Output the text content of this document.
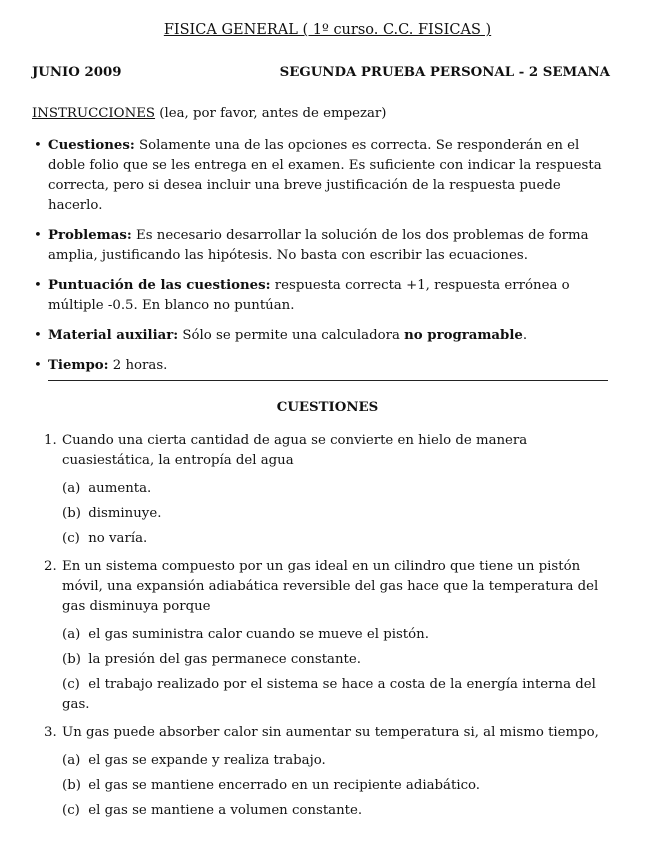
FISICA GENERAL ( 1º curso. C.C. FISICAS )
JUNIO 2009	SEGUNDA PRUEBA PERSONAL - 2 SEMANA
INSTRUCCIONES (lea, por favor, antes de empezar)
• Cuestiones: Solamente una de las opciones es correcta. Se responderán en el doble folio que se les entrega en el examen. Es suficiente con indicar la respuesta correcta, pero si desea incluir una breve justificación de la respuesta puede hacerlo.
• Problemas: Es necesario desarrollar la solución de los dos problemas de forma amplia, justificando las hipótesis. No basta con escribir las ecuaciones.
• Puntuación de las cuestiones: respuesta correcta +1, respuesta errónea o múltiple -0.5. En blanco no puntúan.
• Material auxiliar: Sólo se permite una calculadora no programable.
• Tiempo: 2 horas.
CUESTIONES
1. Cuando una cierta cantidad de agua se convierte en hielo de manera cuasiestática, la entropía del agua
(a) aumenta.
(b) disminuye.
(c) no varía.
2. En un sistema compuesto por un gas ideal en un cilindro que tiene un pistón móvil, una expansión adiabática reversible del gas hace que la temperatura del gas disminuya porque
(a) el gas suministra calor cuando se mueve el pistón.
(b) la presión del gas permanece constante.
(c) el trabajo realizado por el sistema se hace a costa de la energía interna del gas.
3. Un gas puede absorber calor sin aumentar su temperatura si, al mismo tiempo,
(a) el gas se expande y realiza trabajo.
(b) el gas se mantiene encerrado en un recipiente adiabático.
(c) el gas se mantiene a volumen constante.
